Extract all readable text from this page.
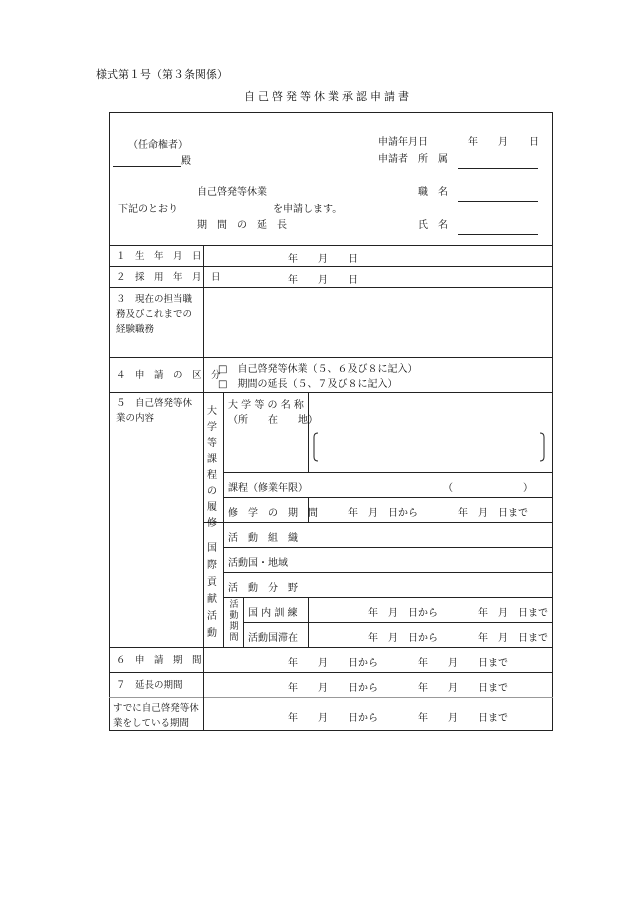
様式第１号（第３条関係）
自己啓発等休業承認申請書
（任命権者）
殿
申請年月日	年 月 日
申請者　所　属
自己啓発等休業
下記のとおり	を申請します。
期　間　の　延　長
職　名
氏　名
１　生　年　月　日	年　　月　　日
２　採　用　年　月　日	年　　月　　日
３　現在の担当職務及びこれまでの経験職務
４　申　請　の　区　分
□　自己啓発等休業（５、６及び８に記入）
□　期間の延長（５、７及び８に記入）
５　自己啓発等休業の内容
大学等課程の履修
大 学 等 の 名 称
（所　　在　　地）
課程（修業年限）	（　　　　　　　）
修　学　の　期　間	年　月　日から　　　　年　月　日まで
国際貢献活動
活　動　組　織
活動国・地域
活　動　分　野
活動期間
国 内 訓 練	年　月　日から　　　　年　月　日まで
活動国滞在	年　月　日から　　　　年　月　日まで
６　申　請　期　間	年　　月　　日から　　　　年　　月　　日まで
７　延長の期間	年　　月　　日から　　　　年　　月　　日まで
すでに自己啓発等休業をしている期間	年　　月　　日から　　　　年　　月　　日まで
